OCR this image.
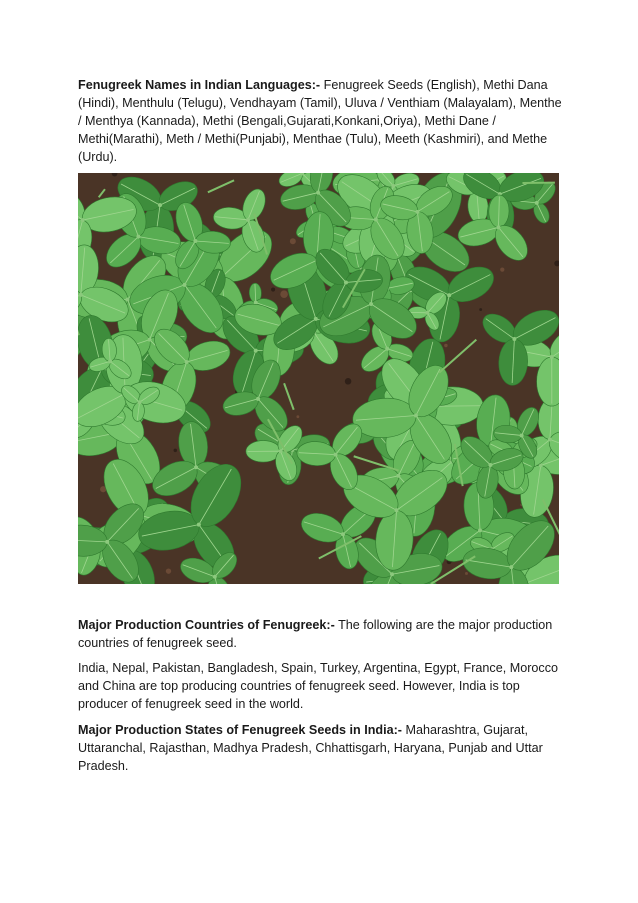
Fenugreek Names in Indian Languages:- Fenugreek Seeds (English), Methi Dana (Hindi), Menthulu (Telugu), Vendhayam (Tamil), Uluva / Venthiam (Malayalam), Menthe / Menthya (Kannada), Methi (Bengali,Gujarati,Konkani,Oriya), Methi Dane / Methi(Marathi), Meth / Methi(Punjabi), Menthae (Tulu), Meeth (Kashmiri), and Methe (Urdu).

Major Production Countries of Fenugreek:- The following are the major production countries of fenugreek seed.

India, Nepal, Pakistan, Bangladesh, Spain, Turkey, Argentina, Egypt, France, Morocco and China are top producing countries of fenugreek seed. However, India is top producer of fenugreek seed in the world.

Major Production States of Fenugreek Seeds in India:- Maharashtra, Gujarat, Uttaranchal, Rajasthan, Madhya Pradesh, Chhattisgarh, Haryana, Punjab and Uttar Pradesh.
